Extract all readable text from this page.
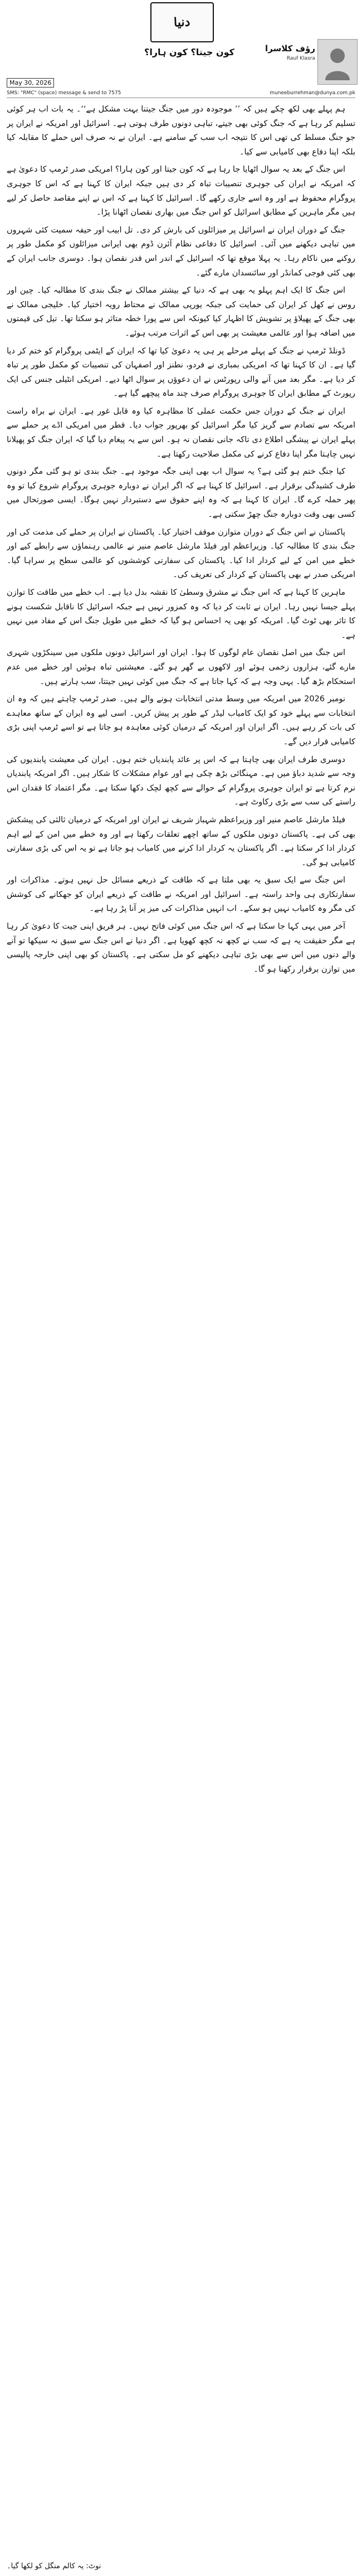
دنیا
کون جیتا؟ کون ہارا؟	رؤف کلاسرا
Rauf Klasra
May 30, 2026
SMS: "RMC" (space) message & send to 7575	muneeburrehman@dunya.com.pk

ہم پہلے بھی لکھ چکے ہیں کہ ’’ موجودہ دور میں جنگ جیتنا بہت مشکل ہے‘‘۔ یہ بات اب ہر کوئی تسلیم کر رہا ہے کہ جنگ کوئی بھی جیتے، تباہی دونوں طرف ہوتی ہے۔ اسرائیل اور امریکہ نے ایران پر جو جنگ مسلط کی تھی اس کا نتیجہ اب سب کے سامنے ہے۔ ایران نے نہ صرف اس حملے کا مقابلہ کیا بلکہ اپنا دفاع بھی کامیابی سے کیا۔

اس جنگ کے بعد یہ سوال اٹھایا جا رہا ہے کہ کون جیتا اور کون ہارا؟ امریکی صدر ٹرمپ کا دعویٰ ہے کہ امریکہ نے ایران کی جوہری تنصیبات تباہ کر دی ہیں جبکہ ایران کا کہنا ہے کہ اس کا جوہری پروگرام محفوظ ہے اور وہ اسے جاری رکھے گا۔ اسرائیل کا کہنا ہے کہ اس نے اپنے مقاصد حاصل کر لیے ہیں مگر ماہرین کے مطابق اسرائیل کو اس جنگ میں بھاری نقصان اٹھانا پڑا۔

جنگ کے دوران ایران نے اسرائیل پر میزائلوں کی بارش کر دی۔ تل ابیب اور حیفہ سمیت کئی شہروں میں تباہی دیکھنے میں آئی۔ اسرائیل کا دفاعی نظام آئرن ڈوم بھی ایرانی میزائلوں کو مکمل طور پر روکنے میں ناکام رہا۔ یہ پہلا موقع تھا کہ اسرائیل کے اندر اس قدر نقصان ہوا۔ دوسری جانب ایران کے بھی کئی فوجی کمانڈر اور سائنسدان مارے گئے۔

اس جنگ کا ایک اہم پہلو یہ بھی ہے کہ دنیا کے بیشتر ممالک نے جنگ بندی کا مطالبہ کیا۔ چین اور روس نے کھل کر ایران کی حمایت کی جبکہ یورپی ممالک نے محتاط رویہ اختیار کیا۔ خلیجی ممالک نے بھی جنگ کے پھیلاؤ پر تشویش کا اظہار کیا کیونکہ اس سے پورا خطہ متاثر ہو سکتا تھا۔ تیل کی قیمتوں میں اضافہ ہوا اور عالمی معیشت پر بھی اس کے اثرات مرتب ہوئے۔

ڈونلڈ ٹرمپ نے جنگ کے پہلے مرحلے پر ہی یہ دعویٰ کیا تھا کہ ایران کے ایٹمی پروگرام کو ختم کر دیا گیا ہے۔ ان کا کہنا تھا کہ امریکی بمباری نے فردو، نطنز اور اصفہان کی تنصیبات کو مکمل طور پر تباہ کر دیا ہے۔ مگر بعد میں آنے والی رپورٹس نے ان دعوؤں پر سوال اٹھا دیے۔ امریکی انٹیلی جنس کی ایک رپورٹ کے مطابق ایران کا جوہری پروگرام صرف چند ماہ پیچھے گیا ہے۔

ایران نے جنگ کے دوران جس حکمت عملی کا مظاہرہ کیا وہ قابل غور ہے۔ ایران نے براہ راست امریکہ سے تصادم سے گریز کیا مگر اسرائیل کو بھرپور جواب دیا۔ قطر میں امریکی اڈے پر حملے سے پہلے ایران نے پیشگی اطلاع دی تاکہ جانی نقصان نہ ہو۔ اس سے یہ پیغام دیا گیا کہ ایران جنگ کو پھیلانا نہیں چاہتا مگر اپنا دفاع کرنے کی مکمل صلاحیت رکھتا ہے۔

کیا جنگ ختم ہو گئی ہے؟ یہ سوال اب بھی اپنی جگہ موجود ہے۔ جنگ بندی تو ہو گئی مگر دونوں طرف کشیدگی برقرار ہے۔ اسرائیل کا کہنا ہے کہ اگر ایران نے دوبارہ جوہری پروگرام شروع کیا تو وہ پھر حملہ کرے گا۔ ایران کا کہنا ہے کہ وہ اپنے حقوق سے دستبردار نہیں ہوگا۔ ایسی صورتحال میں کسی بھی وقت دوبارہ جنگ چھڑ سکتی ہے۔

پاکستان نے اس جنگ کے دوران متوازن موقف اختیار کیا۔ پاکستان نے ایران پر حملے کی مذمت کی اور جنگ بندی کا مطالبہ کیا۔ وزیراعظم اور فیلڈ مارشل عاصم منیر نے عالمی رہنماؤں سے رابطے کیے اور خطے میں امن کے لیے کردار ادا کیا۔ پاکستان کی سفارتی کوششوں کو عالمی سطح پر سراہا گیا۔ امریکی صدر نے بھی پاکستان کے کردار کی تعریف کی۔

ماہرین کا کہنا ہے کہ اس جنگ نے مشرق وسطیٰ کا نقشہ بدل دیا ہے۔ اب خطے میں طاقت کا توازن پہلے جیسا نہیں رہا۔ ایران نے ثابت کر دیا کہ وہ کمزور نہیں ہے جبکہ اسرائیل کا ناقابل شکست ہونے کا تاثر بھی ٹوٹ گیا۔ امریکہ کو بھی یہ احساس ہو گیا کہ خطے میں طویل جنگ اس کے مفاد میں نہیں ہے۔

اس جنگ میں اصل نقصان عام لوگوں کا ہوا۔ ایران اور اسرائیل دونوں ملکوں میں سینکڑوں شہری مارے گئے، ہزاروں زخمی ہوئے اور لاکھوں بے گھر ہو گئے۔ معیشتیں تباہ ہوئیں اور خطے میں عدم استحکام بڑھ گیا۔ یہی وجہ ہے کہ کہا جاتا ہے کہ جنگ میں کوئی نہیں جیتتا، سب ہارتے ہیں۔

نومبر 2026 میں امریکہ میں وسط مدتی انتخابات ہونے والے ہیں۔ صدر ٹرمپ چاہتے ہیں کہ وہ ان انتخابات سے پہلے خود کو ایک کامیاب لیڈر کے طور پر پیش کریں۔ اسی لیے وہ ایران کے ساتھ معاہدے کی بات کر رہے ہیں۔ اگر ایران اور امریکہ کے درمیان کوئی معاہدہ ہو جاتا ہے تو اسے ٹرمپ اپنی بڑی کامیابی قرار دیں گے۔

دوسری طرف ایران بھی چاہتا ہے کہ اس پر عائد پابندیاں ختم ہوں۔ ایران کی معیشت پابندیوں کی وجہ سے شدید دباؤ میں ہے۔ مہنگائی بڑھ چکی ہے اور عوام مشکلات کا شکار ہیں۔ اگر امریکہ پابندیاں نرم کرتا ہے تو ایران جوہری پروگرام کے حوالے سے کچھ لچک دکھا سکتا ہے۔ مگر اعتماد کا فقدان اس راستے کی سب سے بڑی رکاوٹ ہے۔

فیلڈ مارشل عاصم منیر اور وزیراعظم شہباز شریف نے ایران اور امریکہ کے درمیان ثالثی کی پیشکش بھی کی ہے۔ پاکستان دونوں ملکوں کے ساتھ اچھے تعلقات رکھتا ہے اور وہ خطے میں امن کے لیے اہم کردار ادا کر سکتا ہے۔ اگر پاکستان یہ کردار ادا کرنے میں کامیاب ہو جاتا ہے تو یہ اس کی بڑی سفارتی کامیابی ہو گی۔

اس جنگ سے ایک سبق یہ بھی ملتا ہے کہ طاقت کے ذریعے مسائل حل نہیں ہوتے۔ مذاکرات اور سفارتکاری ہی واحد راستہ ہے۔ اسرائیل اور امریکہ نے طاقت کے ذریعے ایران کو جھکانے کی کوشش کی مگر وہ کامیاب نہیں ہو سکے۔ اب انہیں مذاکرات کی میز پر آنا پڑ رہا ہے۔

آخر میں یہی کہا جا سکتا ہے کہ اس جنگ میں کوئی فاتح نہیں۔ ہر فریق اپنی جیت کا دعویٰ کر رہا ہے مگر حقیقت یہ ہے کہ سب نے کچھ نہ کچھ کھویا ہے۔ اگر دنیا نے اس جنگ سے سبق نہ سیکھا تو آنے والے دنوں میں اس سے بھی بڑی تباہی دیکھنے کو مل سکتی ہے۔ پاکستان کو بھی اپنی خارجہ پالیسی میں توازن برقرار رکھنا ہو گا۔

نوٹ: یہ کالم منگل کو لکھا گیا۔
